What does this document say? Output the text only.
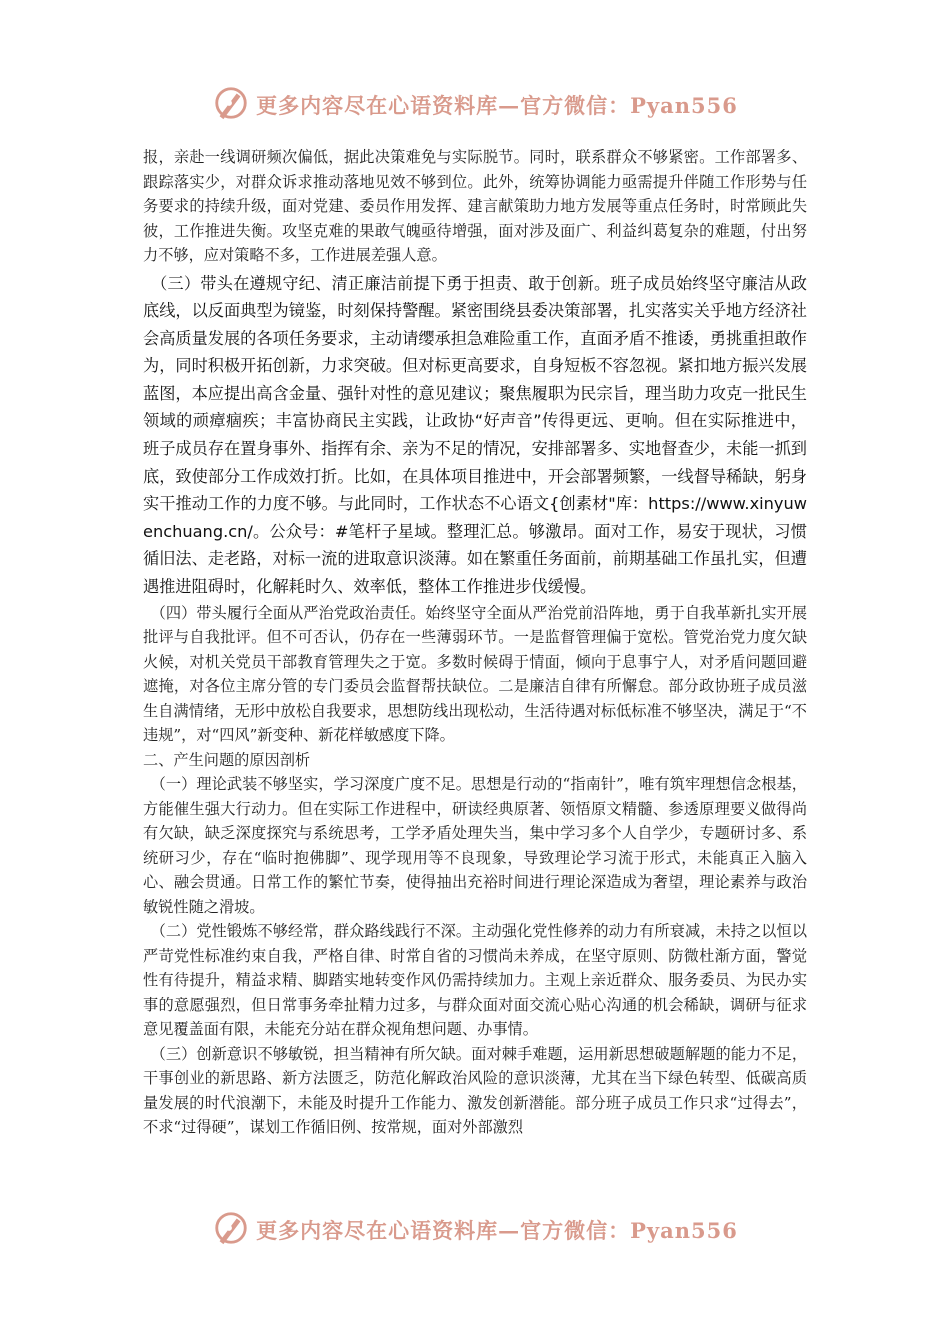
更多内容尽在心语资料库—官方微信：Pyan556

报，亲赴一线调研频次偏低，据此决策难免与实际脱节。同时，联系群众不够紧密。工作部署多、跟踪落实少，对群众诉求推动落地见效不够到位。此外，统筹协调能力亟需提升伴随工作形势与任务要求的持续升级，面对党建、委员作用发挥、建言献策助力地方发展等重点任务时，时常顾此失彼，工作推进失衡。攻坚克难的果敢气魄亟待增强，面对涉及面广、利益纠葛复杂的难题，付出努力不够，应对策略不多，工作进展差强人意。

（三）带头在遵规守纪、清正廉洁前提下勇于担责、敢于创新。班子成员始终坚守廉洁从政底线，以反面典型为镜鉴，时刻保持警醒。紧密围绕县委决策部署，扎实落实关乎地方经济社会高质量发展的各项任务要求，主动请缨承担急难险重工作，直面矛盾不推诿，勇挑重担敢作为，同时积极开拓创新，力求突破。但对标更高要求，自身短板不容忽视。紧扣地方振兴发展蓝图，本应提出高含金量、强针对性的意见建议；聚焦履职为民宗旨，理当助力攻克一批民生领域的顽瘴痼疾；丰富协商民主实践，让政协“好声音”传得更远、更响。但在实际推进中，班子成员存在置身事外、指挥有余、亲为不足的情况，安排部署多、实地督查少，未能一抓到底，致使部分工作成效打折。比如，在具体项目推进中，开会部署频繁，一线督导稀缺，躬身实干推动工作的力度不够。与此同时，工作状态不心语文{创素材"库：https://www.xinyuwenchuang.cn/。公众号：#笔杆子星域。整理汇总。够激昂。面对工作，易安于现状，习惯循旧法、走老路，对标一流的进取意识淡薄。如在繁重任务面前，前期基础工作虽扎实，但遭遇推进阻碍时，化解耗时久、效率低，整体工作推进步伐缓慢。

（四）带头履行全面从严治党政治责任。始终坚守全面从严治党前沿阵地，勇于自我革新扎实开展批评与自我批评。但不可否认，仍存在一些薄弱环节。一是监督管理偏于宽松。管党治党力度欠缺火候，对机关党员干部教育管理失之于宽。多数时候碍于情面，倾向于息事宁人，对矛盾问题回避遮掩，对各位主席分管的专门委员会监督帮扶缺位。二是廉洁自律有所懈怠。部分政协班子成员滋生自满情绪，无形中放松自我要求，思想防线出现松动，生活待遇对标低标准不够坚决，满足于“不违规”，对“四风”新变种、新花样敏感度下降。

二、产生问题的原因剖析

（一）理论武装不够坚实，学习深度广度不足。思想是行动的“指南针”，唯有筑牢理想信念根基，方能催生强大行动力。但在实际工作进程中，研读经典原著、领悟原文精髓、参透原理要义做得尚有欠缺，缺乏深度探究与系统思考，工学矛盾处理失当，集中学习多个人自学少，专题研讨多、系统研习少，存在“临时抱佛脚”、现学现用等不良现象，导致理论学习流于形式，未能真正入脑入心、融会贯通。日常工作的繁忙节奏，使得抽出充裕时间进行理论深造成为奢望，理论素养与政治敏锐性随之滑坡。

（二）党性锻炼不够经常，群众路线践行不深。主动强化党性修养的动力有所衰减，未持之以恒以严苛党性标准约束自我，严格自律、时常自省的习惯尚未养成，在坚守原则、防微杜渐方面，警觉性有待提升，精益求精、脚踏实地转变作风仍需持续加力。主观上亲近群众、服务委员、为民办实事的意愿强烈，但日常事务牵扯精力过多，与群众面对面交流心贴心沟通的机会稀缺，调研与征求意见覆盖面有限，未能充分站在群众视角想问题、办事情。

（三）创新意识不够敏锐，担当精神有所欠缺。面对棘手难题，运用新思想破题解题的能力不足，干事创业的新思路、新方法匮乏，防范化解政治风险的意识淡薄，尤其在当下绿色转型、低碳高质量发展的时代浪潮下，未能及时提升工作能力、激发创新潜能。部分班子成员工作只求“过得去”，不求“过得硬”，谋划工作循旧例、按常规，面对外部激烈

更多内容尽在心语资料库—官方微信：Pyan556
